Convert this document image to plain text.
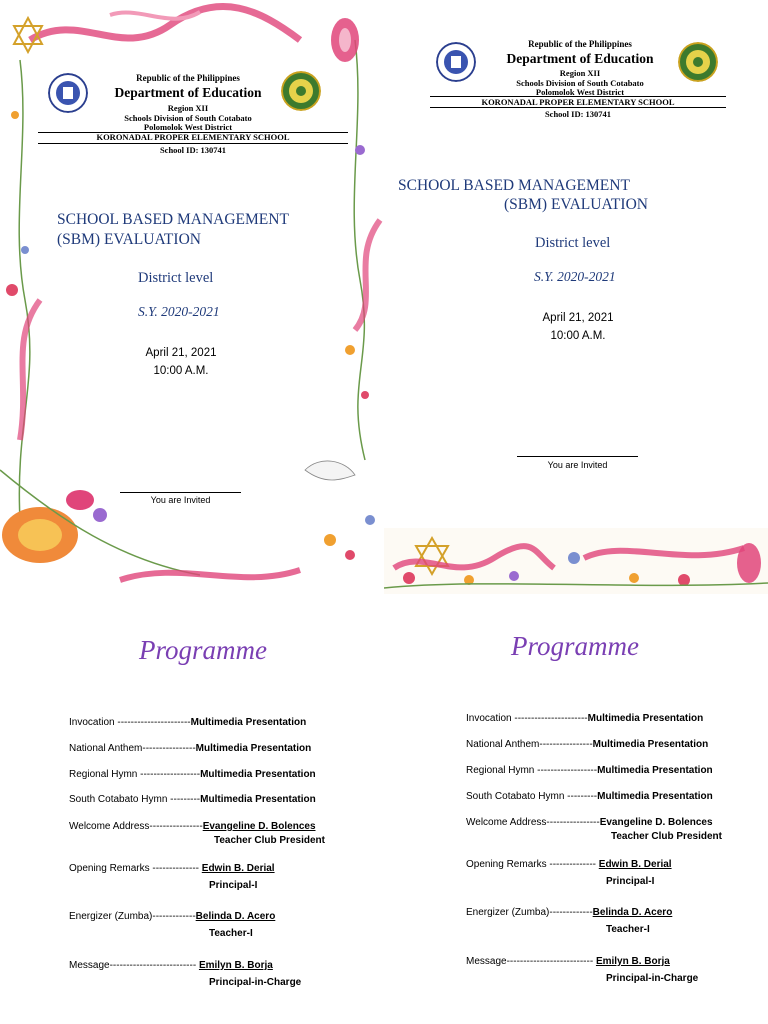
Republic of the Philippines
Department of Education
Region XII
Schools Division of South Cotabato
Polomolok West District
KORONADAL PROPER ELEMENTARY SCHOOL
School ID: 130741
SCHOOL BASED MANAGEMENT
(SBM) EVALUATION
District level
S.Y. 2020-2021
April 21, 2021
10:00 A.M.
You are Invited
Republic of the Philippines
Department of Education
Region XII
Schools Division of South Cotabato
Polomolok West District
KORONADAL PROPER ELEMENTARY SCHOOL
School ID: 130741
SCHOOL BASED MANAGEMENT
(SBM) EVALUATION
District level
S.Y. 2020-2021
April 21, 2021
10:00 A.M.
You are Invited
Programme
Invocation ----------------------Multimedia Presentation
National Anthem----------------Multimedia Presentation
Regional Hymn ------------------Multimedia Presentation
South Cotabato Hymn ---------Multimedia Presentation
Welcome Address----------------Evangeline D. Bolences
Teacher Club President
Opening Remarks -------------- Edwin B. Derial
Principal-I
Energizer (Zumba)-------------Belinda D. Acero
Teacher-I
Message-------------------------- Emilyn B. Borja
Principal-in-Charge
Programme
Invocation ----------------------Multimedia Presentation
National Anthem----------------Multimedia Presentation
Regional Hymn ------------------Multimedia Presentation
South Cotabato Hymn ---------Multimedia Presentation
Welcome Address----------------Evangeline D. Bolences
Teacher Club President
Opening Remarks -------------- Edwin B. Derial
Principal-I
Energizer (Zumba)-------------Belinda D. Acero
Teacher-I
Message-------------------------- Emilyn B. Borja
Principal-in-Charge
